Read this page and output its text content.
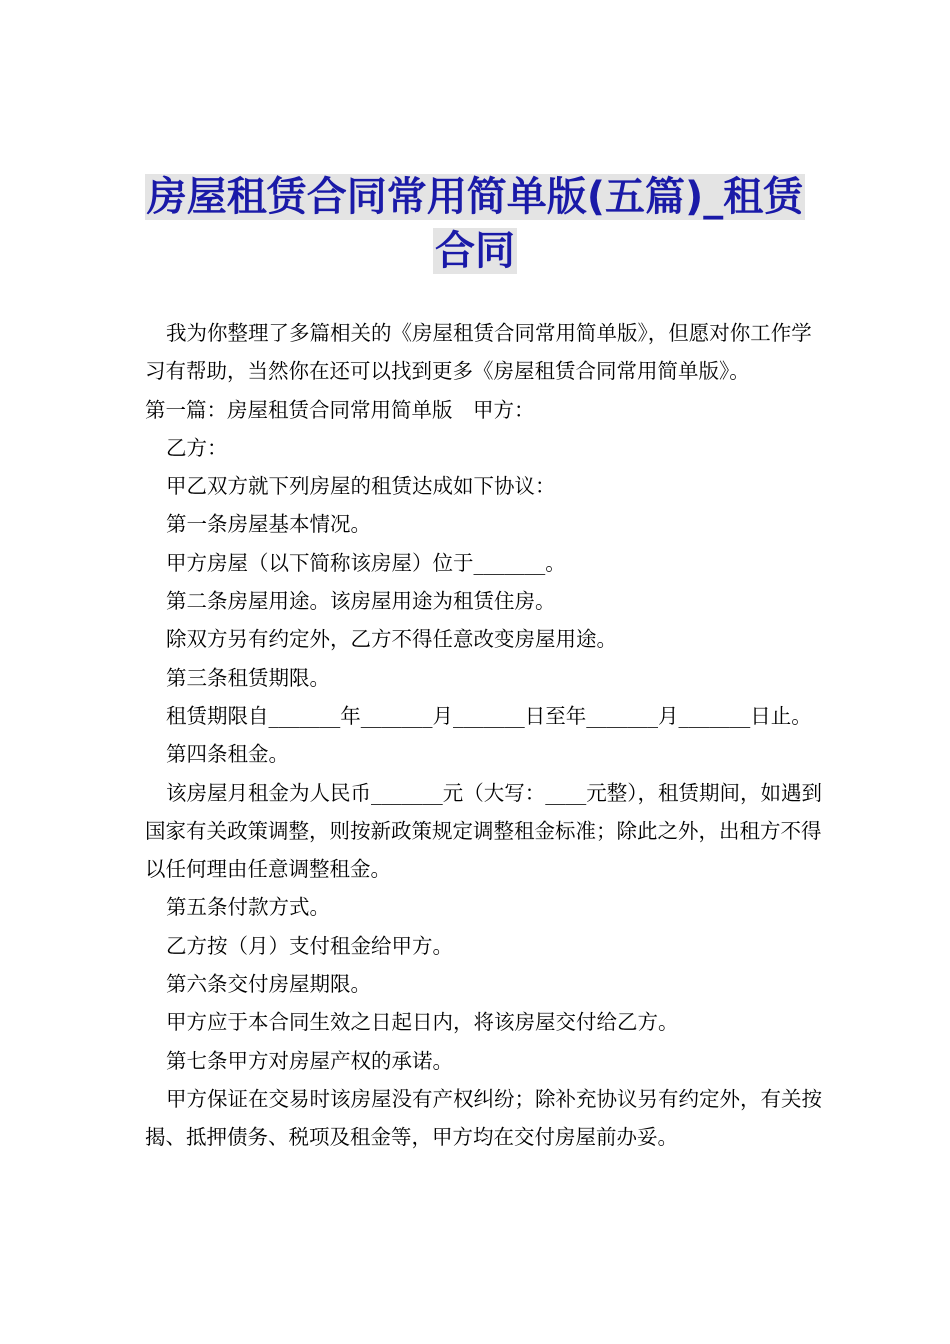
房屋租赁合同常用简单版(五篇)_租赁
合同

我为你整理了多篇相关的《房屋租赁合同常用简单版》，但愿对你工作学习有帮助，当然你在还可以找到更多《房屋租赁合同常用简单版》。

第一篇：房屋租赁合同常用简单版　甲方：

乙方：

甲乙双方就下列房屋的租赁达成如下协议：

第一条房屋基本情况。

甲方房屋（以下简称该房屋）位于_______。

第二条房屋用途。该房屋用途为租赁住房。

除双方另有约定外，乙方不得任意改变房屋用途。

第三条租赁期限。

租赁期限自_______年_______月_______日至年_______月_______日止。

第四条租金。

该房屋月租金为人民币_______元（大写：____元整），租赁期间，如遇到国家有关政策调整，则按新政策规定调整租金标准；除此之外，出租方不得以任何理由任意调整租金。

第五条付款方式。

乙方按（月）支付租金给甲方。

第六条交付房屋期限。

甲方应于本合同生效之日起日内，将该房屋交付给乙方。

第七条甲方对房屋产权的承诺。

甲方保证在交易时该房屋没有产权纠纷；除补充协议另有约定外，有关按揭、抵押债务、税项及租金等，甲方均在交付房屋前办妥。
